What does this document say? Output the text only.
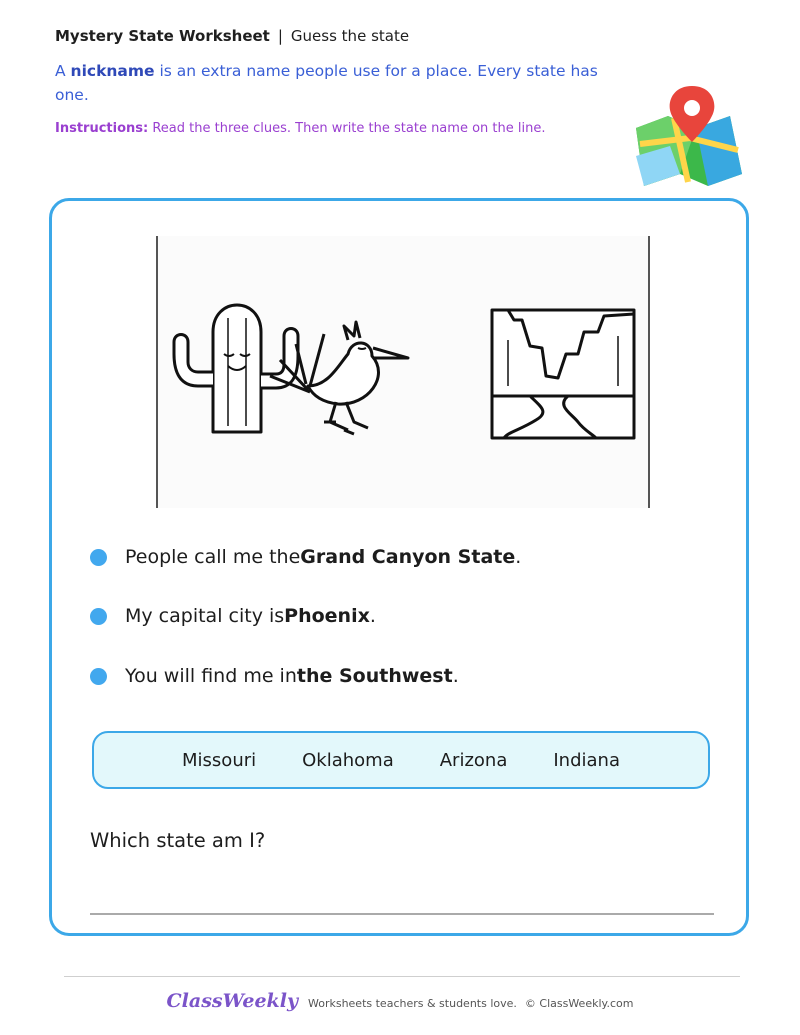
Mystery State Worksheet | Guess the state
A nickname is an extra name people use for a place. Every state has one.
Instructions: Read the three clues. Then write the state name on the line.
People call me the Grand Canyon State .
My capital city is Phoenix .
You will find me in the Southwest .
Missouri	Oklahoma	Arizona	Indiana
Which state am I?
ClassWeekly Worksheets teachers & students love. © ClassWeekly.com
